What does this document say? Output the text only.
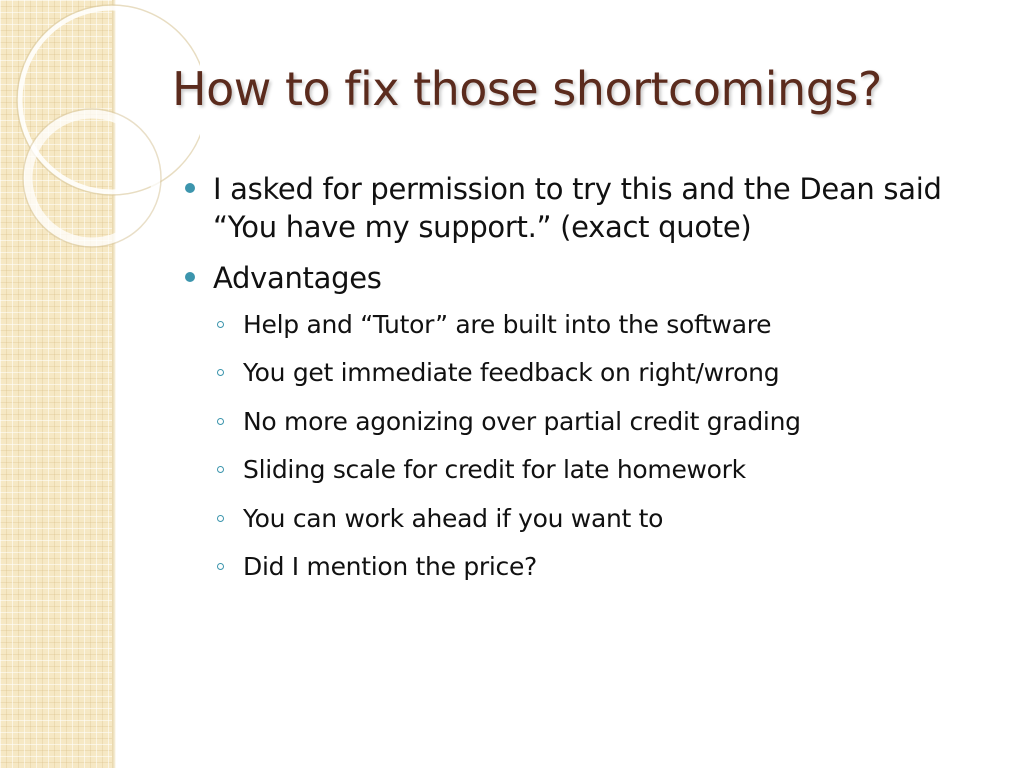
How to fix those shortcomings?
I asked for permission to try this and the Dean said “You have my support.” (exact quote)
Advantages
Help and “Tutor” are built into the software
You get immediate feedback on right/wrong
No more agonizing over partial credit grading
Sliding scale for credit for late homework
You can work ahead if you want to
Did I mention the price?
